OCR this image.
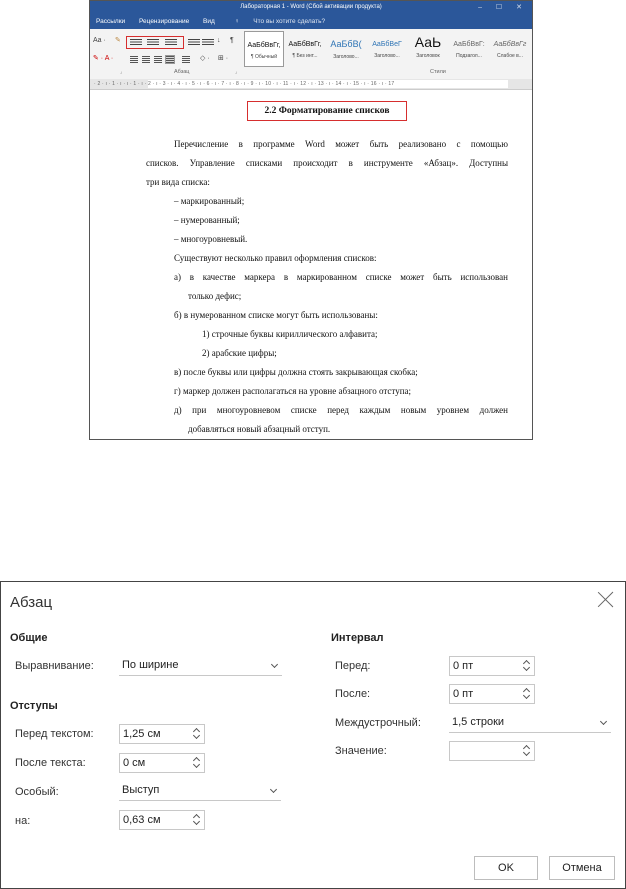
Лабораторная 1 - Word (Сбой активации продукта)	‒ ☐ ✕
Рассылки Рецензирование Вид	♀ Что вы хотите сделать?
Aa · ✎
✎ · A ·
↓ ¶
◇ · ⊞ ·
АаБбВвГг,
¶ Обычный
АаБбВвГг,
¶ Без инт...
АаБбВ(
Заголово...
АаБбВеГ
Заголово...
АаЬ
Заголовок
АаБбВвГ:
Подзагол...
АаБбВвГг
Слабое в...
⌟	Абзац	⌟	Стили
· 2 · ı · 1 · ı · ı · 1 · ı · 2 · ı · 3 · ı · 4 · ı · 5 · ı · 6 · ı · 7 · ı · 8 · ı · 9 · ı · 10 · ı · 11 · ı · 12 · ı · 13 · ı · 14 · ı · 15 · ı · 16 · ı · 17
2.2 Форматирование списков
Перечисление в программе Word может быть реализовано с помощью
списков. Управление списками происходит в инструменте «Абзац». Доступны
три вида списка:
– маркированный;
– нумерованный;
– многоуровневый.
Существуют несколько правил оформления списков:
а) в качестве маркера в маркированном списке может быть использован
только дефис;
б) в нумерованном списке могут быть использованы:
1) строчные буквы кириллического алфавита;
2) арабские цифры;
в) после буквы или цифры должна стоять закрывающая скобка;
г) маркер должен располагаться на уровне абзацного отступа;
д) при многоуровневом списке перед каждым новым уровнем должен
добавляться новый абзацный отступ.
Абзац
Общие
Выравнивание:	По ширине
Отступы
Перед текстом:	1,25 см
После текста:	0 см
Особый:	Выступ
на:	0,63 см
Интервал
Перед:	0 пт
После:	0 пт
Междустрочный:	1,5 строки
Значение:
OK	Отмена
